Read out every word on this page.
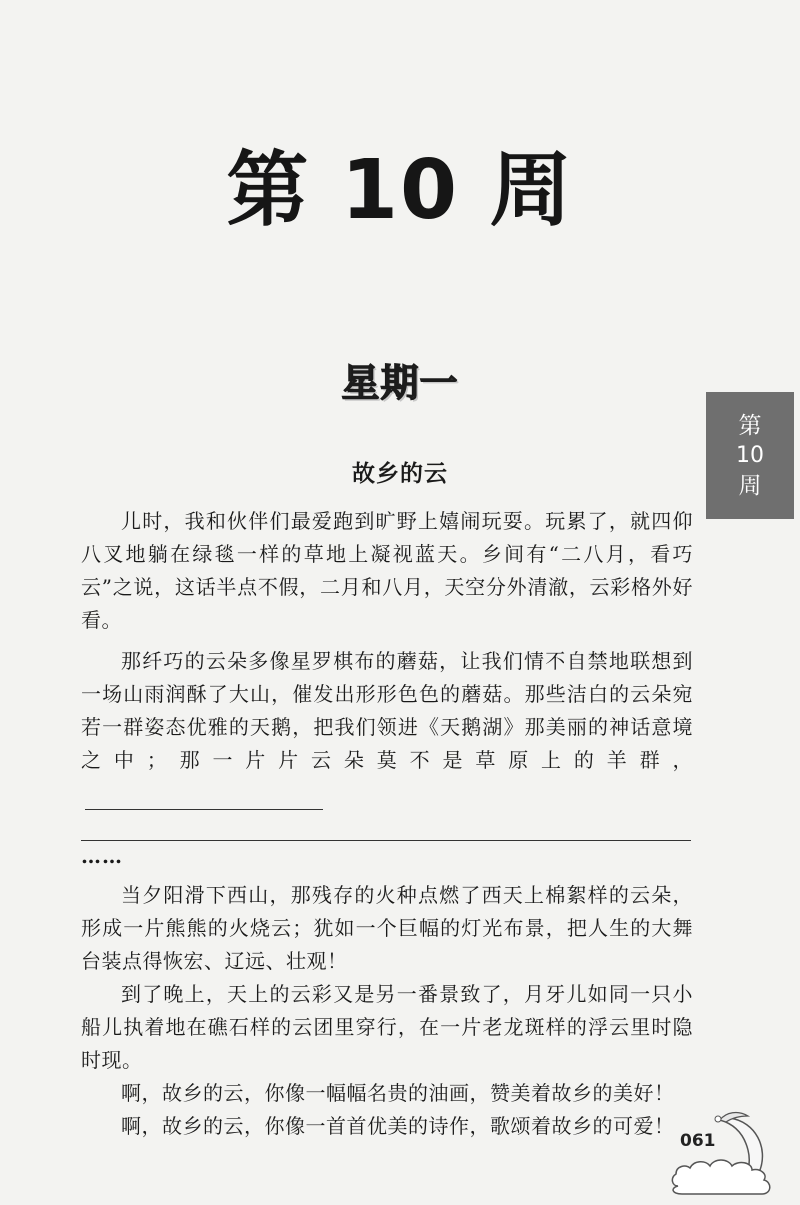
第 10 周
星期一
第
10
周
故乡的云

儿时，我和伙伴们最爱跑到旷野上嬉闹玩耍。玩累了，就四仰八叉地躺在绿毯一样的草地上凝视蓝天。乡间有“二八月，看巧云”之说，这话半点不假，二月和八月，天空分外清澈，云彩格外好看。

那纤巧的云朵多像星罗棋布的蘑菇，让我们情不自禁地联想到一场山雨润酥了大山，催发出形形色色的蘑菇。那些洁白的云朵宛若一群姿态优雅的天鹅，把我们领进《天鹅湖》那美丽的神话意境之中；那一片片云朵莫不是草原上的羊群，

……

当夕阳滑下西山，那残存的火种点燃了西天上棉絮样的云朵，形成一片熊熊的火烧云；犹如一个巨幅的灯光布景，把人生的大舞台装点得恢宏、辽远、壮观！

到了晚上，天上的云彩又是另一番景致了，月牙儿如同一只小船儿执着地在礁石样的云团里穿行，在一片老龙斑样的浮云里时隐时现。

啊，故乡的云，你像一幅幅名贵的油画，赞美着故乡的美好！

啊，故乡的云，你像一首首优美的诗作，歌颂着故乡的可爱！

061
